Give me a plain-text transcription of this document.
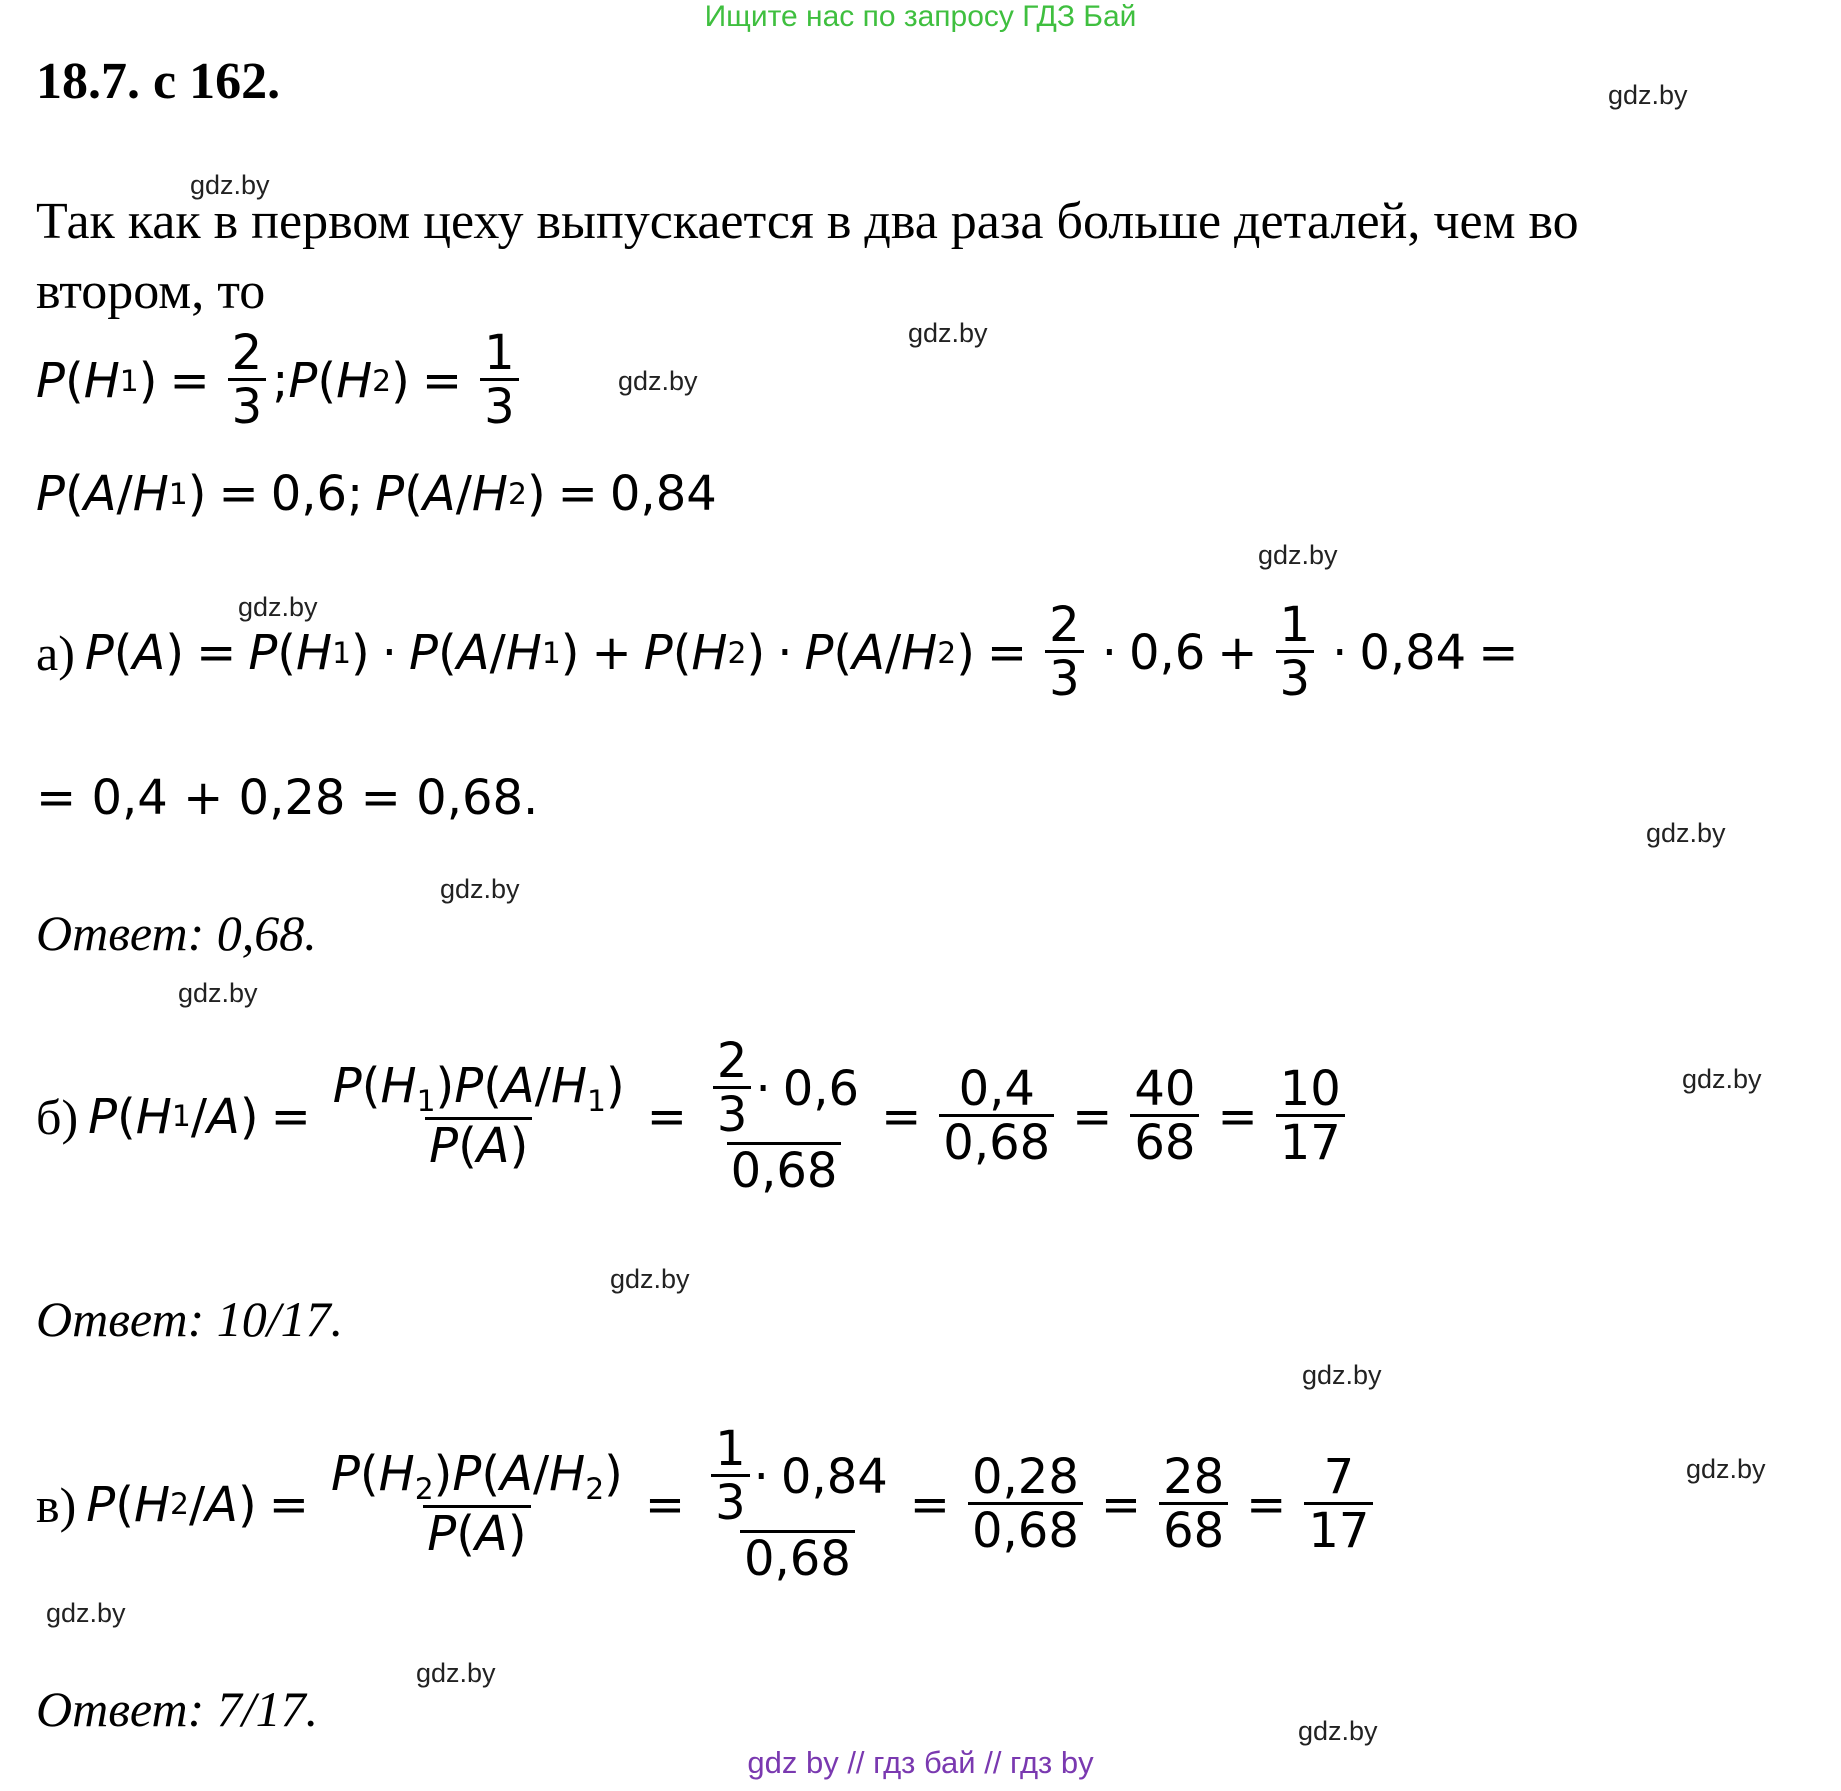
Ищите нас по запросу ГДЗ Бай
18.7. с 162.
Так как в первом цеху выпускается в два раза больше деталей, чем во
втором, то
P ( H 1 ) = $\frac{2}{3}$ ; P ( H 2 ) = $\frac{1}{3}$
P ( A / H 1 ) = 0,6 ; P ( A / H 2 ) = 0,84
а) P ( A ) = P ( H 1 ) · P ( A / H 1 ) + P ( H 2 ) · P ( A / H 2 ) = $\frac{2}{3} \cdot 0,6 + \frac{1}{3} \cdot 0,84$ =
= 0,4 + 0,28 = 0,68.
Ответ: 0,68.
б) P ( H 1 / A ) = $\frac{P(H_1)P(A/H_1)}{P(A)} = \frac{\frac{2}{3} \cdot 0,6}{0,68} = \frac{0,4}{0,68} = \frac{40}{68} = \frac{10}{17}$
Ответ: 10/17.
в) P ( H 2 / A ) = $\frac{P(H_2)P(A/H_2)}{P(A)} = \frac{\frac{1}{3} \cdot 0,84}{0,68} = \frac{0,28}{0,68} = \frac{28}{68} = \frac{7}{17}$
Ответ: 7/17.
gdz.by
gdz.by
gdz.by
gdz.by
gdz.by
gdz.by
gdz.by
gdz.by
gdz.by
gdz.by
gdz.by
gdz.by
gdz.by
gdz.by
gdz.by
gdz.by
gdz by // гдз бай // гдз by
